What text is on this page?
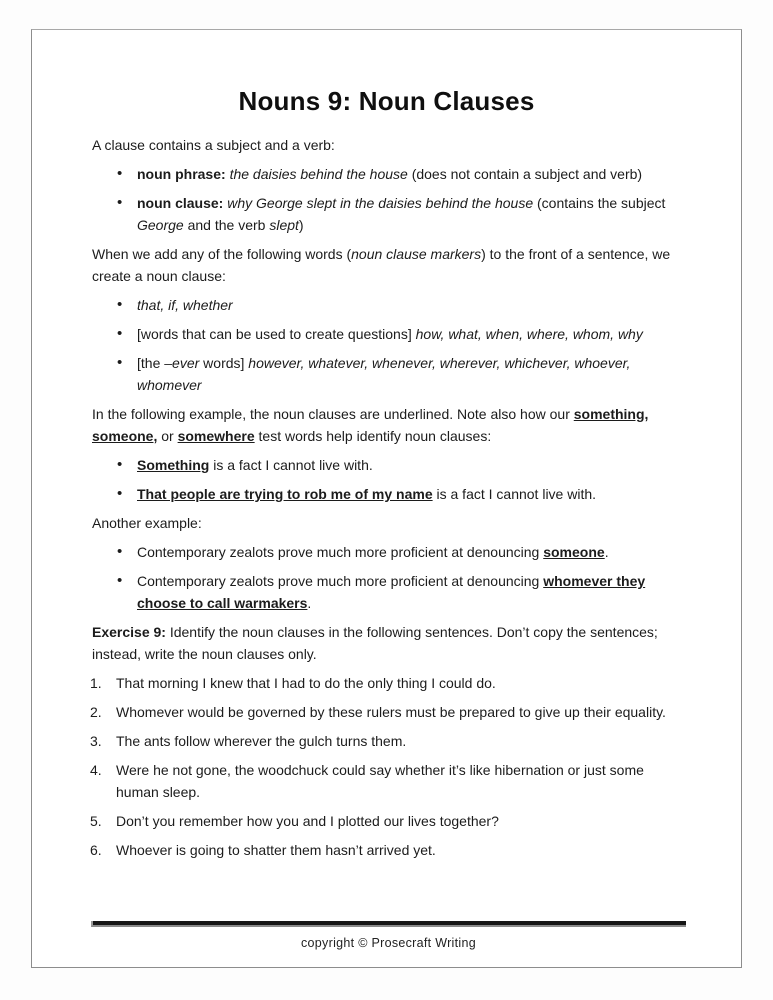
Nouns 9: Noun Clauses
A clause contains a subject and a verb:
• noun phrase: the daisies behind the house (does not contain a subject and verb)
• noun clause: why George slept in the daisies behind the house (contains the subject George and the verb slept)
When we add any of the following words (noun clause markers) to the front of a sentence, we create a noun clause:
• that, if, whether
• [words that can be used to create questions] how, what, when, where, whom, why
• [the –ever words] however, whatever, whenever, wherever, whichever, whoever, whomever
In the following example, the noun clauses are underlined. Note also how our something, someone, or somewhere test words help identify noun clauses:
• Something is a fact I cannot live with.
• That people are trying to rob me of my name is a fact I cannot live with.
Another example:
• Contemporary zealots prove much more proficient at denouncing someone.
• Contemporary zealots prove much more proficient at denouncing whomever they choose to call warmakers.
Exercise 9: Identify the noun clauses in the following sentences. Don’t copy the sentences; instead, write the noun clauses only.
1. That morning I knew that I had to do the only thing I could do.
2. Whomever would be governed by these rulers must be prepared to give up their equality.
3. The ants follow wherever the gulch turns them.
4. Were he not gone, the woodchuck could say whether it’s like hibernation or just some human sleep.
5. Don’t you remember how you and I plotted our lives together?
6. Whoever is going to shatter them hasn’t arrived yet.
copyright © Prosecraft Writing
